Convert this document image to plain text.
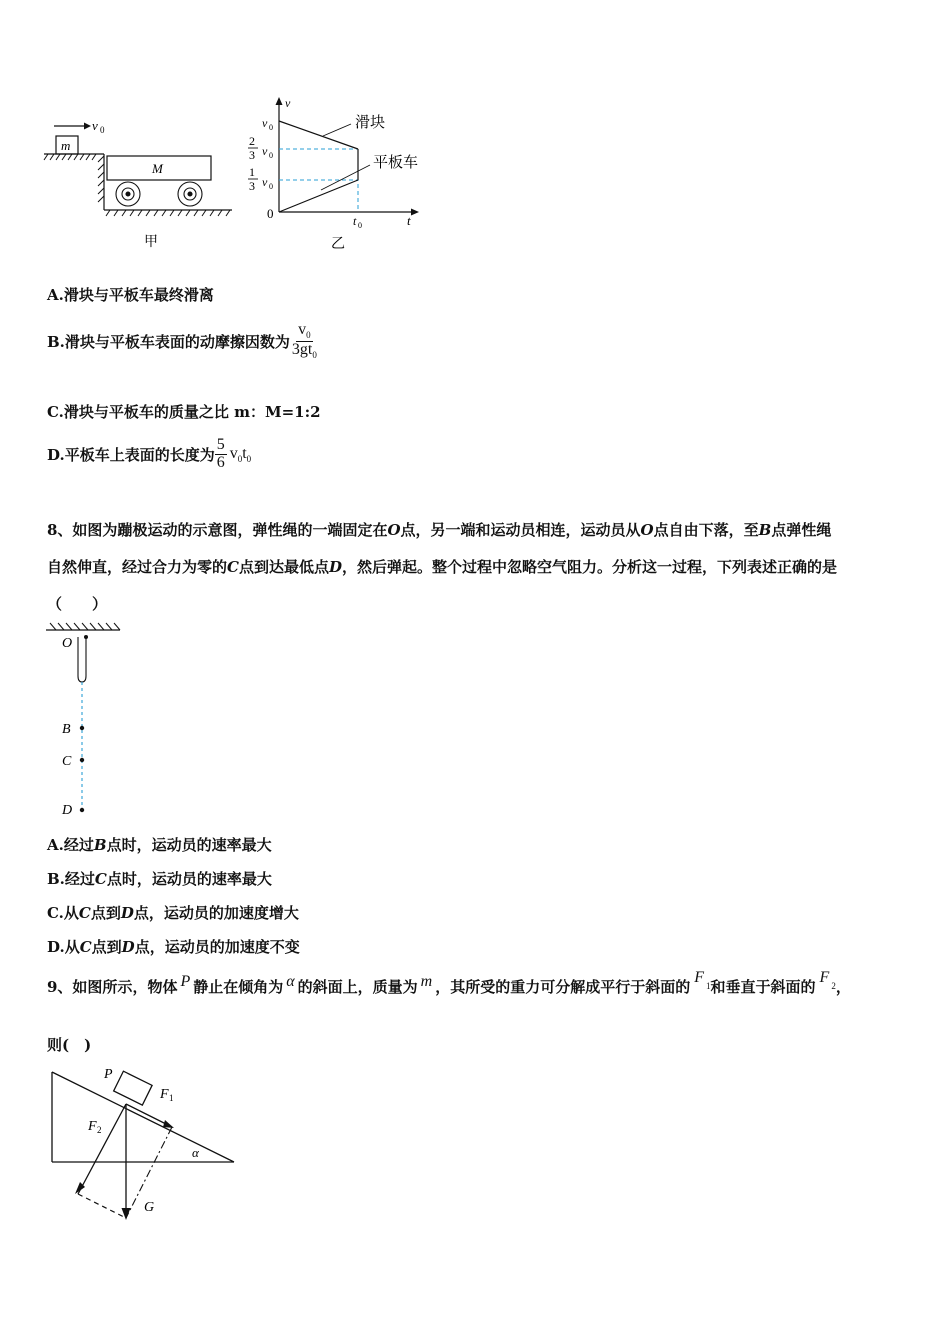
v 0
m
M
甲
v
t
0
v 0
2
3 v 0
1
3 v 0
滑块
平板车
t 0
乙
A.滑块与平板车最终滑离
B.滑块与平板车表面的动摩擦因数为 $\frac{v_0}{3gt_0}$
C.滑块与平板车的质量之比 m：M=1:2
D.平板车上表面的长度为 $\frac{5}{6} v_0t_0$
8、如图为蹦极运动的示意图，弹性绳的一端固定在O点，另一端和运动员相连，运动员从O点自由下落，至B点弹性绳
自然伸直，经过合力为零的C点到达最低点D，然后弹起。整个过程中忽略空气阻力。分析这一过程，下列表述正确的是
（　　）
O
B
C
D
A.经过B点时，运动员的速率最大
B.经过C点时，运动员的速率最大
C.从C点到D点，运动员的加速度增大
D.从C点到D点，运动员的加速度不变
9、如图所示，物体 P 静止在倾角为 α 的斜面上，质量为 m ，其所受的重力可分解成平行于斜面的
F 1 和垂直于斜面的
F 2 ，
则(　)
α
P
F 1
G
F 2
